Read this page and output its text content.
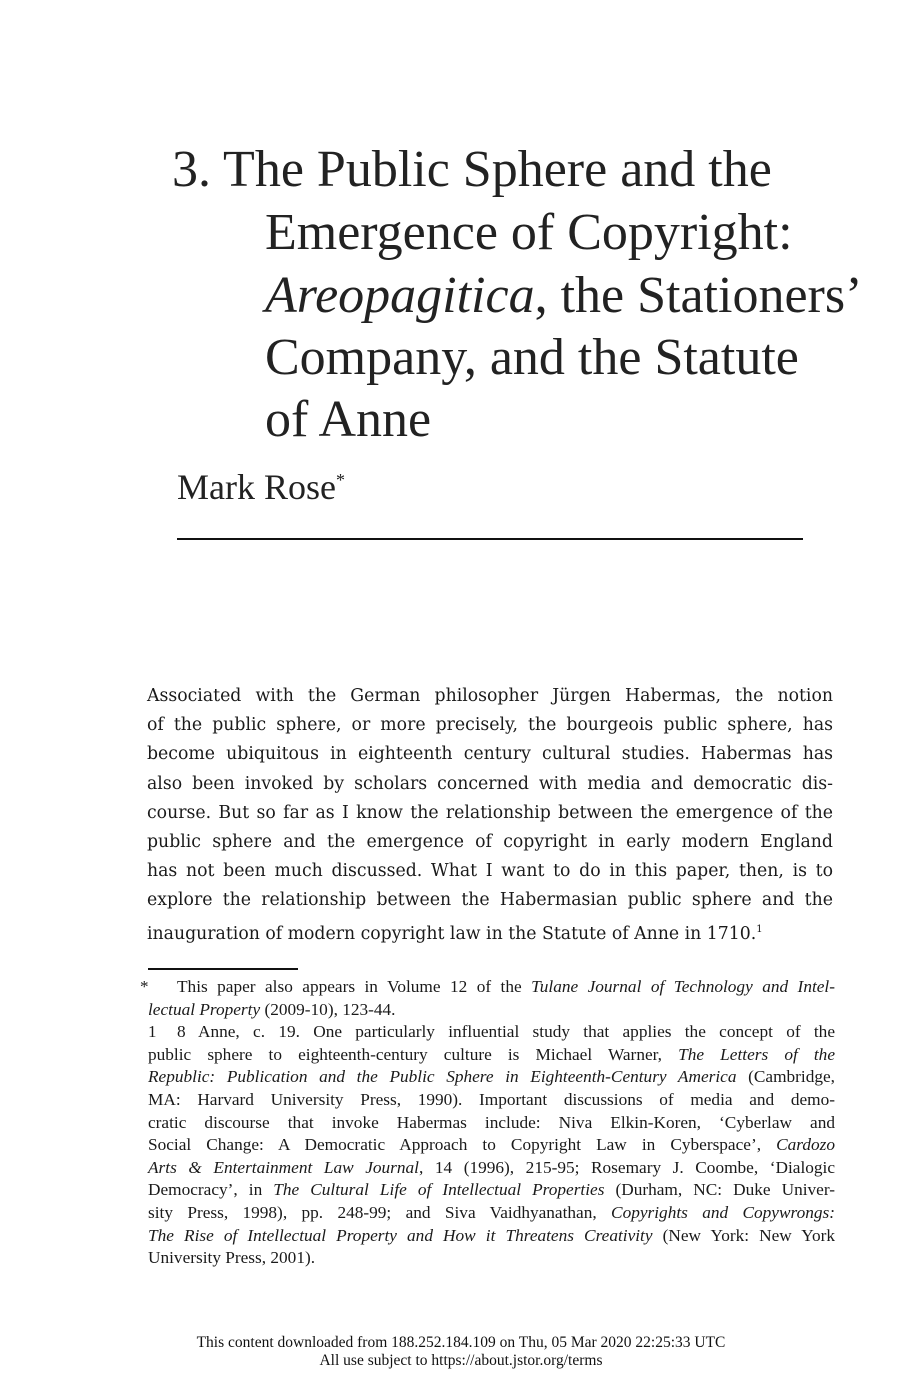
3. The Public Sphere and the
Emergence of Copyright:
Areopagitica, the Stationers’
Company, and the Statute
of Anne
Mark Rose*
Associated with the German philosopher Jürgen Habermas, the notion
of the public sphere, or more precisely, the bourgeois public sphere, has
become ubiquitous in eighteenth century cultural studies. Habermas has
also been invoked by scholars concerned with media and democratic dis-
course. But so far as I know the relationship between the emergence of the
public sphere and the emergence of copyright in early modern England
has not been much discussed. What I want to do in this paper, then, is to
explore the relationship between the Habermasian public sphere and the
inauguration of modern copyright law in the Statute of Anne in 1710.$^1$
* This paper also appears in Volume 12 of the Tulane Journal of Technology and Intel-
lectual Property (2009-10), 123-44.
1 8 Anne, c. 19. One particularly influential study that applies the concept of the
public sphere to eighteenth-century culture is Michael Warner, The Letters of the
Republic: Publication and the Public Sphere in Eighteenth-Century America (Cambridge,
MA: Harvard University Press, 1990). Important discussions of media and demo-
cratic discourse that invoke Habermas include: Niva Elkin-Koren, ‘Cyberlaw and
Social Change: A Democratic Approach to Copyright Law in Cyberspace’, Cardozo
Arts & Entertainment Law Journal, 14 (1996), 215-95; Rosemary J. Coombe, ‘Dialogic
Democracy’, in The Cultural Life of Intellectual Properties (Durham, NC: Duke Univer-
sity Press, 1998), pp. 248-99; and Siva Vaidhyanathan, Copyrights and Copywrongs:
The Rise of Intellectual Property and How it Threatens Creativity (New York: New York
University Press, 2001).
This content downloaded from 188.252.184.109 on Thu, 05 Mar 2020 22:25:33 UTC
All use subject to https://about.jstor.org/terms
